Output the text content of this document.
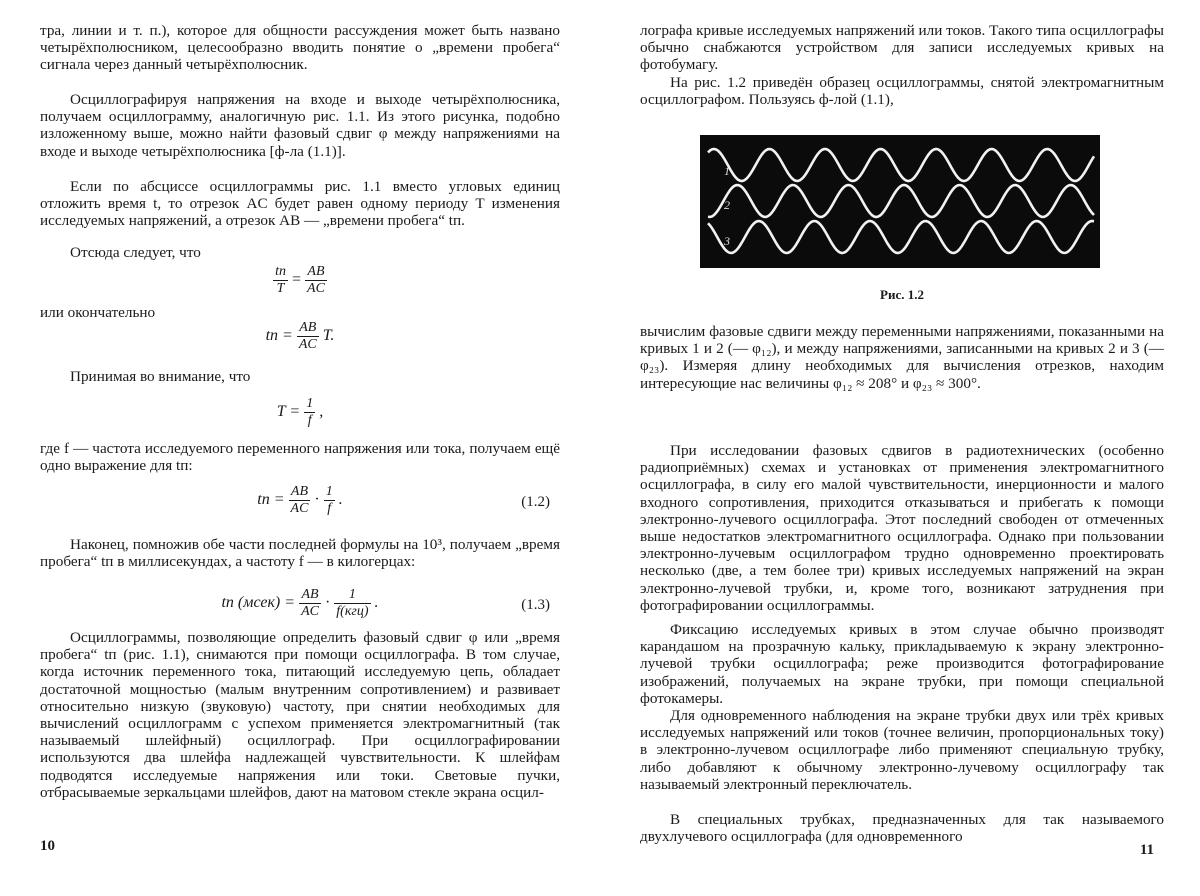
тра, линии и т. п.), которое для общности рассуждения может быть названо четырёхполюсником, целесообразно вводить понятие о „времени пробега“ сигнала через данный четырёхполюсник.

Осциллографируя напряжения на входе и выходе четырёхполюсника, получаем осциллограмму, аналогичную рис. 1.1. Из этого рисунка, подобно изложенному выше, можно найти фазовый сдвиг φ между напряжениями на входе и выходе четырёхполюсника [ф-ла (1.1)].

Если по абсциссе осциллограммы рис. 1.1 вместо угловых единиц отложить время t, то отрезок AC будет равен одному периоду T изменения исследуемых напряжений, а отрезок AB — „времени пробега“ tп.

Отсюда следует, что

$\frac{tп}{T} = \frac{AB}{AC}$

или окончательно

tп = $\frac{AB}{AC} T$.

Принимая во внимание, что

$T = \frac{1}{f}$ ,

где f — частота исследуемого переменного напряжения или тока, получаем ещё одно выражение для tп:

tп = $\frac{AB}{AC} \cdot \frac{1}{f}$ .	(1.2)

Наконец, помножив обе части последней формулы на 10³, получаем „время пробега“ tп в миллисекундах, а частоту f — в килогерцах:

tп (мсек) = $\frac{AB}{AC} \cdot \frac{1}{\text{f(кгц)}}$ .	(1.3)

Осциллограммы, позволяющие определить фазовый сдвиг φ или „время пробега“ tп (рис. 1.1), снимаются при помощи осциллографа. В том случае, когда источник переменного тока, питающий исследуемую цепь, обладает достаточной мощностью (малым внутренним сопротивлением) и развивает относительно низкую (звуковую) частоту, при снятии необходимых для вычислений осциллограмм с успехом применяется электромагнитный (так называемый шлейфный) осциллограф. При осциллографировании используются два шлейфа надлежащей чувствительности. К шлейфам подводятся исследуемые напряжения или токи. Световые пучки, отбрасываемые зеркальцами шлейфов, дают на матовом стекле экрана осцил-

10

лографа кривые исследуемых напряжений или токов. Такого типа осциллографы обычно снабжаются устройством для записи исследуемых кривых на фотобумагу.

На рис. 1.2 приведён образец осциллограммы, снятой электромагнитным осциллографом. Пользуясь ф-лой (1.1),

1
2
3
Рис. 1.2

вычислим фазовые сдвиги между переменными напряжениями, показанными на кривых 1 и 2 (— φ₁₂), и между напряжениями, записанными на кривых 2 и 3 (— φ₂₃). Измеряя длину необходимых для вычисления отрезков, находим интересующие нас величины φ₁₂ ≈ 208° и φ₂₃ ≈ 300°.

При исследовании фазовых сдвигов в радиотехнических (особенно радиоприёмных) схемах и установках от применения электромагнитного осциллографа, в силу его малой чувствительности, инерционности и малого входного сопротивления, приходится отказываться и прибегать к помощи электронно-лучевого осциллографа. Этот последний свободен от отмеченных выше недостатков электромагнитного осциллографа. Однако при пользовании электронно-лучевым осциллографом трудно одновременно проектировать несколько (две, а тем более три) кривых исследуемых напряжений на экран электронно-лучевой трубки, и, кроме того, возникают затруднения при фотографировании осциллограммы.

Фиксацию исследуемых кривых в этом случае обычно производят карандашом на прозрачную кальку, прикладываемую к экрану электронно-лучевой трубки осциллографа; реже производится фотографирование изображений, получаемых на экране трубки, при помощи специальной фотокамеры.

Для одновременного наблюдения на экране трубки двух или трёх кривых исследуемых напряжений или токов (точнее величин, пропорциональных току) в электронно-лучевом осциллографе либо применяют специальную трубку, либо добавляют к обычному электронно-лучевому осциллографу так называемый электронный переключатель.

В специальных трубках, предназначенных для так называемого двухлучевого осциллографа (для одновременного

11
